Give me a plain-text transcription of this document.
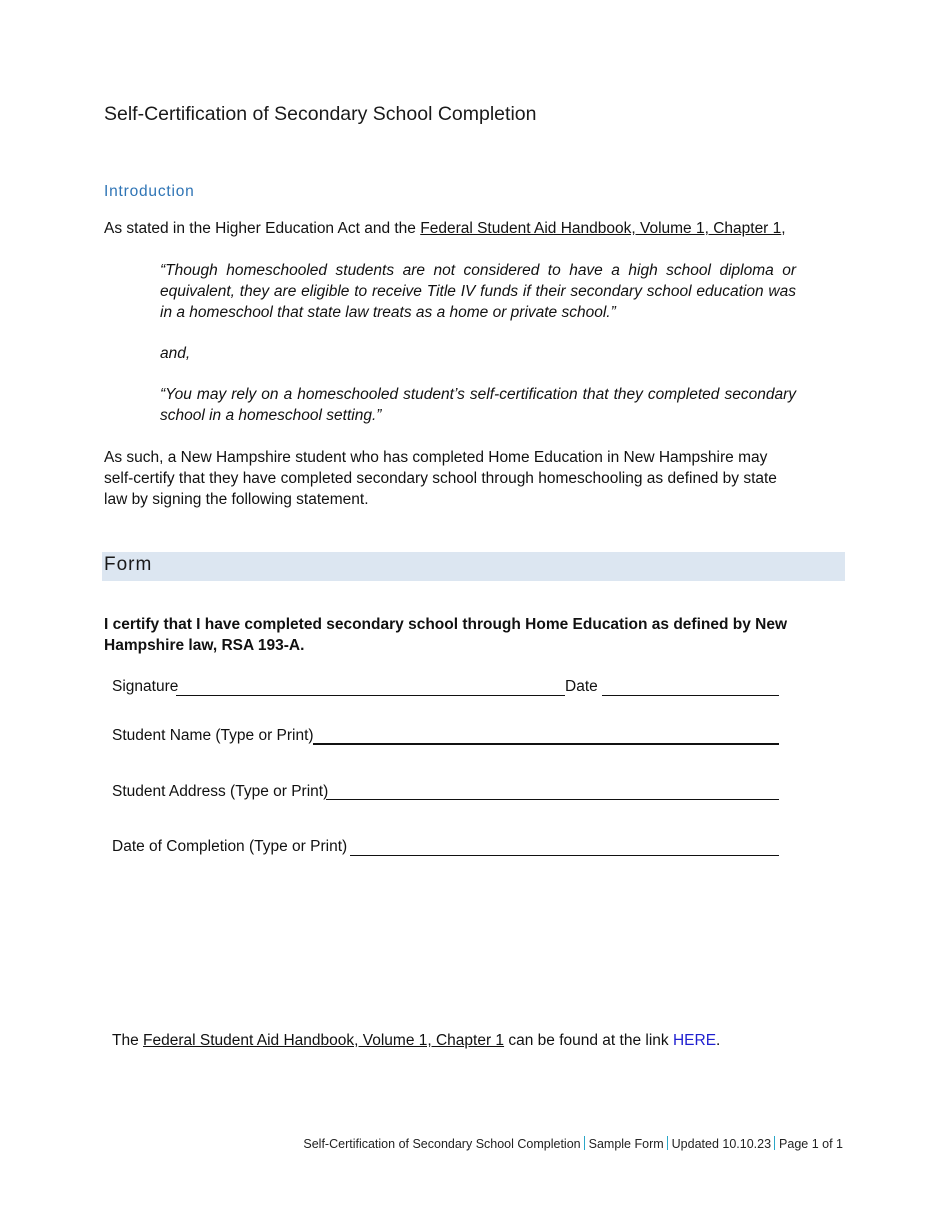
Self-Certification of Secondary School Completion
Introduction
As stated in the Higher Education Act and the Federal Student Aid Handbook, Volume 1, Chapter 1,
“Though homeschooled students are not considered to have a high school diploma or equivalent, they are eligible to receive Title IV funds if their secondary school education was in a homeschool that state law treats as a home or private school.”
and,
“You may rely on a homeschooled student’s self-certification that they completed secondary school in a homeschool setting.”
As such, a New Hampshire student who has completed Home Education in New Hampshire may self-certify that they have completed secondary school through homeschooling as defined by state law by signing the following statement.
Form
I certify that I have completed secondary school through Home Education as defined by New Hampshire law, RSA 193-A.
Signature	Date
Student Name (Type or Print)
Student Address (Type or Print)
Date of Completion (Type or Print)
The Federal Student Aid Handbook, Volume 1, Chapter 1 can be found at the link HERE.
Self-Certification of Secondary School Completion Sample Form Updated 10.10.23 Page 1 of 1
